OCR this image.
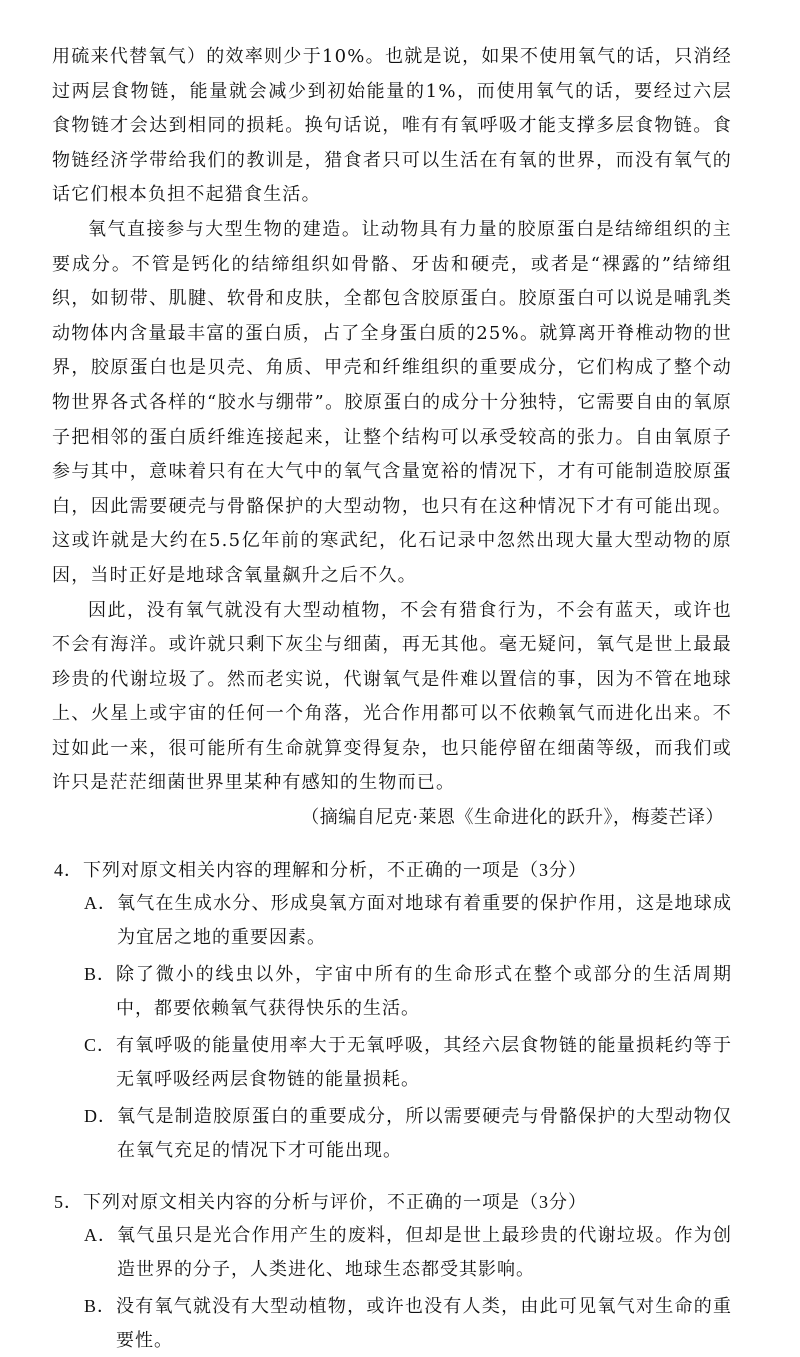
用硫来代替氧气）的效率则少于10%。也就是说，如果不使用氧气的话，只消经过两层食物链，能量就会减少到初始能量的1%，而使用氧气的话，要经过六层食物链才会达到相同的损耗。换句话说，唯有有氧呼吸才能支撑多层食物链。食物链经济学带给我们的教训是，猎食者只可以生活在有氧的世界，而没有氧气的话它们根本负担不起猎食生活。

氧气直接参与大型生物的建造。让动物具有力量的胶原蛋白是结缔组织的主要成分。不管是钙化的结缔组织如骨骼、牙齿和硬壳，或者是“裸露的”结缔组织，如韧带、肌腱、软骨和皮肤，全都包含胶原蛋白。胶原蛋白可以说是哺乳类动物体内含量最丰富的蛋白质，占了全身蛋白质的25%。就算离开脊椎动物的世界，胶原蛋白也是贝壳、角质、甲壳和纤维组织的重要成分，它们构成了整个动物世界各式各样的“胶水与绷带”。胶原蛋白的成分十分独特，它需要自由的氧原子把相邻的蛋白质纤维连接起来，让整个结构可以承受较高的张力。自由氧原子参与其中，意味着只有在大气中的氧气含量宽裕的情况下，才有可能制造胶原蛋白，因此需要硬壳与骨骼保护的大型动物，也只有在这种情况下才有可能出现。这或许就是大约在5.5亿年前的寒武纪，化石记录中忽然出现大量大型动物的原因，当时正好是地球含氧量飙升之后不久。

因此，没有氧气就没有大型动植物，不会有猎食行为，不会有蓝天，或许也不会有海洋。或许就只剩下灰尘与细菌，再无其他。毫无疑问，氧气是世上最最珍贵的代谢垃圾了。然而老实说，代谢氧气是件难以置信的事，因为不管在地球上、火星上或宇宙的任何一个角落，光合作用都可以不依赖氧气而进化出来。不过如此一来，很可能所有生命就算变得复杂，也只能停留在细菌等级，而我们或许只是茫茫细菌世界里某种有感知的生物而已。

（摘编自尼克·莱恩《生命进化的跃升》，梅菱芒译）
4．下列对原文相关内容的理解和分析，不正确的一项是（3分）
A． 氧气在生成水分、形成臭氧方面对地球有着重要的保护作用，这是地球成为宜居之地的重要因素。
B． 除了微小的线虫以外，宇宙中所有的生命形式在整个或部分的生活周期中，都要依赖氧气获得快乐的生活。
C． 有氧呼吸的能量使用率大于无氧呼吸，其经六层食物链的能量损耗约等于无氧呼吸经两层食物链的能量损耗。
D． 氧气是制造胶原蛋白的重要成分，所以需要硬壳与骨骼保护的大型动物仅在氧气充足的情况下才可能出现。
5．下列对原文相关内容的分析与评价，不正确的一项是（3分）
A． 氧气虽只是光合作用产生的废料，但却是世上最珍贵的代谢垃圾。作为创造世界的分子，人类进化、地球生态都受其影响。
B． 没有氧气就没有大型动植物，或许也没有人类，由此可见氧气对生命的重要性。
